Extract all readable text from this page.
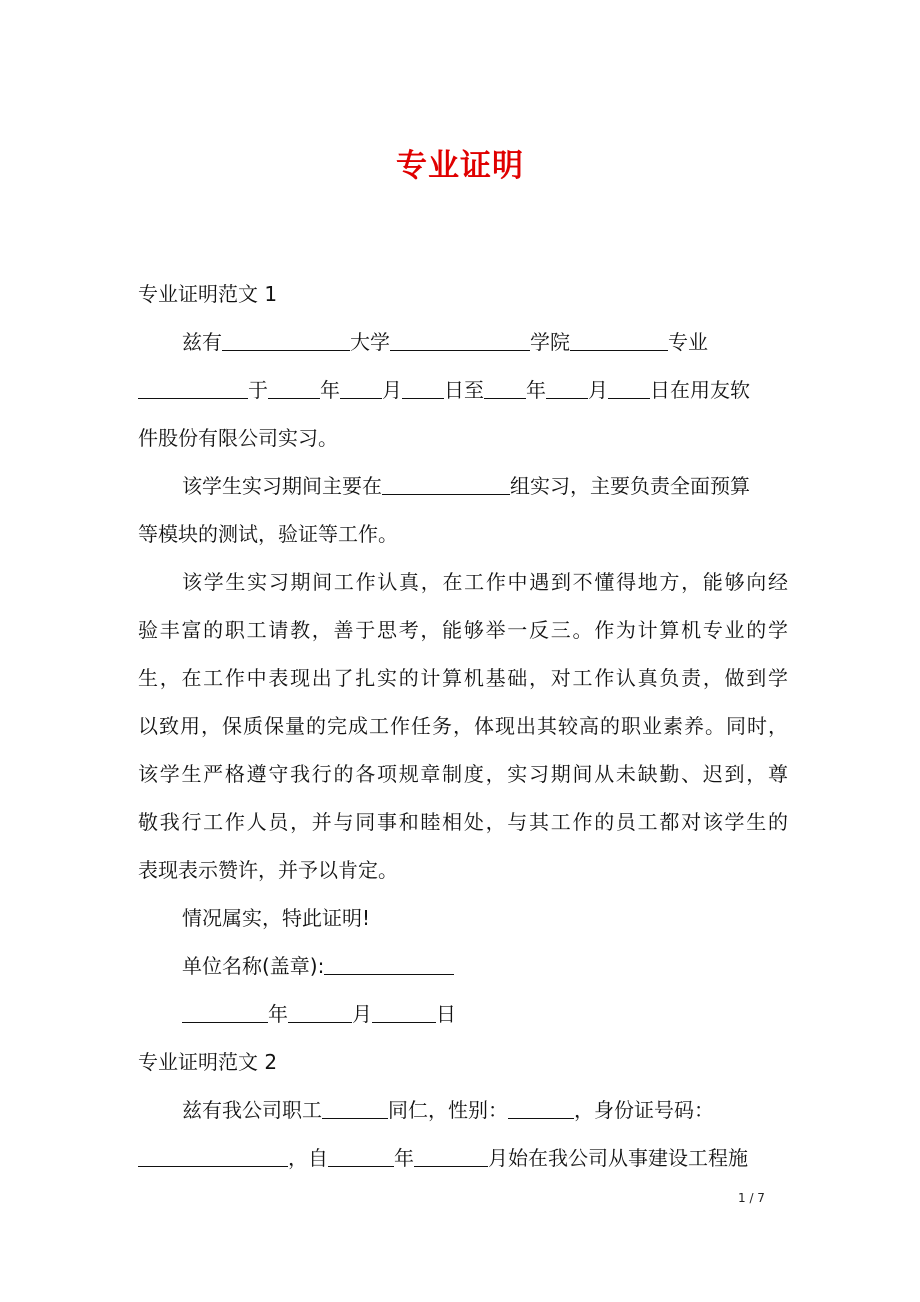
专业证明
专业证明范文 1
兹有	大学	学院	专业
于	年 月 日至 年 月 日在用友软
件股份有限公司实习。
该学生实习期间主要在	组实习，主要负责全面预算
等模块的测试，验证等工作。
该学生实习期间工作认真，在工作中遇到不懂得地方，能够向经
验丰富的职工请教，善于思考，能够举一反三。作为计算机专业的学
生，在工作中表现出了扎实的计算机基础，对工作认真负责，做到学
以致用，保质保量的完成工作任务，体现出其较高的职业素养。同时，
该学生严格遵守我行的各项规章制度，实习期间从未缺勤、迟到，尊
敬我行工作人员，并与同事和睦相处，与其工作的员工都对该学生的
表现表示赞许，并予以肯定。
情况属实，特此证明!
单位名称(盖章):
年	月	日
专业证明范文 2
兹有我公司职工	同仁，性别：	，身份证号码：
，自	年	月始在我公司从事建设工程施
1 / 7
